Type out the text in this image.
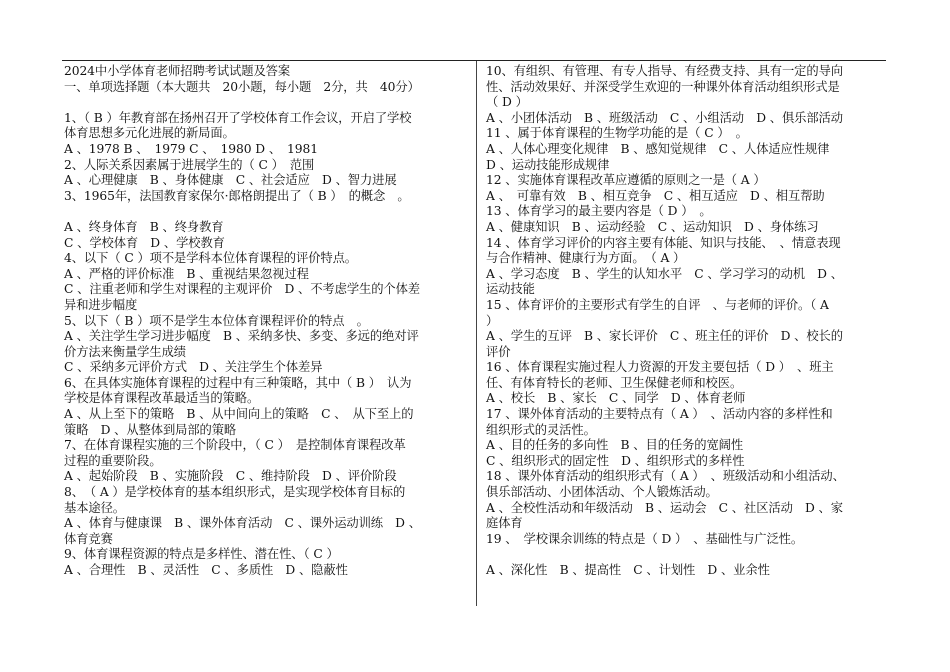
2024中小学体育老师招聘考试试题及答案
一、单项选择题（本大题共　20小题，每小题　2分，共　40分）
1、（ B ）年教育部在扬州召开了学校体育工作会议，开启了学校
体育思想多元化进展的新局面。
A 、1978 B 、　1979 C 、　1980 D 、　1981
2、人际关系因素属于进展学生的（ C ）　范围
A 、心理健康　B 、身体健康　C 、社会适应　D 、智力进展
3、1965年，法国教育家保尔·郎格朗提出了（ B ）　的概念　。
A 、终身体育　B 、终身教育
C 、学校体育　D 、学校教育
4、以下（ C ）项不是学科本位体育课程的评价特点。
A 、严格的评价标准　B 、重视结果忽视过程
C 、注重老师和学生对课程的主观评价　D 、不考虑学生的个体差
异和进步幅度
5、以下（ B ）项不是学生本位体育课程评价的特点　。
A 、关注学生学习进步幅度　B 、采纳多快、多变、多远的绝对评
价方法来衡量学生成绩
C 、采纳多元评价方式　D 、关注学生个体差异
6、在具体实施体育课程的过程中有三种策略，其中（ B ）　认为
学校是体育课程改革最适当的策略。
A 、从上至下的策略　B 、从中间向上的策略　C 、　从下至上的
策略　D 、从整体到局部的策略
7、在体育课程实施的三个阶段中，（ C ）　是控制体育课程改革
过程的重要阶段。
A 、起始阶段　B 、实施阶段　C 、维持阶段　D 、评价阶段
8、　（ A ）是学校体育的基本组织形式，是实现学校体育目标的
基本途径。
A 、体育与健康课　B 、课外体育活动　C 、课外运动训练　D 、
体育竞赛
9、体育课程资源的特点是多样性、潜在性、（ C ）
A 、合理性　B 、灵活性　C 、多质性　D 、隐蔽性
10、有组织、有管理、有专人指导、有经费支持、具有一定的导向
性、活动效果好、并深受学生欢迎的一种课外体育活动组织形式是
（ D ）
A 、小团体活动　B 、班级活动　C 、小组活动　D 、俱乐部活动
11 、属于体育课程的生物学功能的是（ C ）　。
A 、人体心理变化规律　B 、感知觉规律　C 、人体适应性规律
D 、运动技能形成规律
12 、实施体育课程改革应遵循的原则之一是（ A ）
A 、　可靠有效　B 、相互竞争　C 、相互适应　D 、相互帮助
13 、体育学习的最主要内容是（ D ）　。
A 、健康知识　B 、运动经验　C 、运动知识　D 、身体练习
14 、体育学习评价的内容主要有体能、知识与技能、　、情意表现
与合作精神、健康行为方面。　（ A ）
A 、学习态度　B 、学生的认知水平　C 、学习学习的动机　D 、
运动技能
15 、体育评价的主要形式有学生的自评　、与老师的评价。（ A
）
A 、学生的互评　B 、家长评价　C 、班主任的评价　D 、校长的
评价
16 、体育课程实施过程人力资源的开发主要包括（ D ）　、班主
任、有体育特长的老师、卫生保健老师和校医。
A 、校长　B 、家长　C 、同学　D 、体育老师
17 、课外体育活动的主要特点有（ A ）　、活动内容的多样性和
组织形式的灵活性。
A 、目的任务的多向性　B 、目的任务的宽阔性
C 、组织形式的固定性　D 、组织形式的多样性
18 、课外体育活动的组织形式有（ A ）　、班级活动和小组活动、
俱乐部活动、小团体活动、个人锻炼活动。
A 、全校性活动和年级活动　B 、运动会　C 、社区活动　D 、家
庭体育
19 、　学校课余训练的特点是（ D ）　、基础性与广泛性。
A 、深化性　B 、提高性　C 、计划性　D 、业余性
